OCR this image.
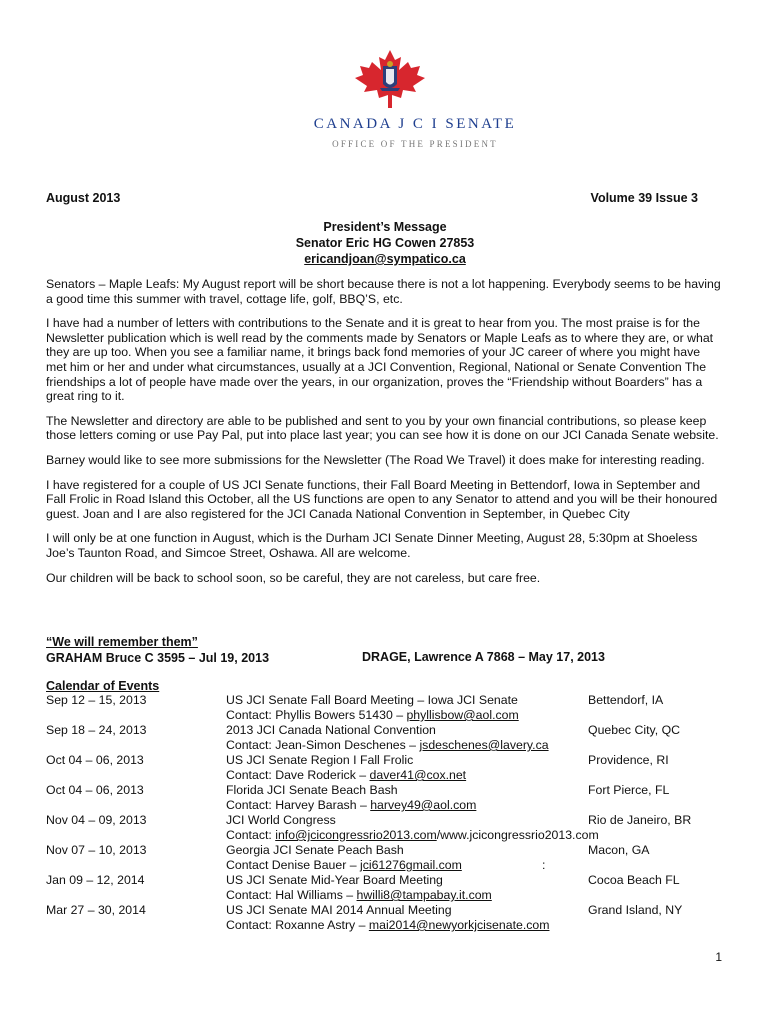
CANADA J C I SENATE
OFFICE OF THE PRESIDENT
August 2013	Volume 39 Issue 3
President’s Message
Senator Eric HG Cowen 27853
ericandjoan@sympatico.ca

Senators – Maple Leafs: My August report will be short because there is not a lot happening. Everybody seems to be having a good time this summer with travel, cottage life, golf, BBQ’S, etc.

I have had a number of letters with contributions to the Senate and it is great to hear from you. The most praise is for the Newsletter publication which is well read by the comments made by Senators or Maple Leafs as to where they are, or what they are up too. When you see a familiar name, it brings back fond memories of your JC career of where you might have met him or her and under what circumstances, usually at a JCI Convention, Regional, National or Senate Convention The friendships a lot of people have made over the years, in our organization, proves the “Friendship without Boarders” has a great ring to it.

The Newsletter and directory are able to be published and sent to you by your own financial contributions, so please keep those letters coming or use Pay Pal, put into place last year; you can see how it is done on our JCI Canada Senate website.

Barney would like to see more submissions for the Newsletter (The Road We Travel) it does make for interesting reading.

I have registered for a couple of US JCI Senate functions, their Fall Board Meeting in Bettendorf, Iowa in September and Fall Frolic in Road Island this October, all the US functions are open to any Senator to attend and you will be their honoured guest. Joan and I are also registered for the JCI Canada National Convention in September, in Quebec City

I will only be at one function in August, which is the Durham JCI Senate Dinner Meeting, August 28, 5:30pm at Shoeless Joe’s Taunton Road, and Simcoe Street, Oshawa. All are welcome.

Our children will be back to school soon, so be careful, they are not careless, but care free.

“We will remember them”
GRAHAM Bruce C 3595 – Jul 19, 2013	DRAGE, Lawrence A 7868 – May 17, 2013
Calendar of Events
Sep 12 – 15, 2013	US JCI Senate Fall Board Meeting – Iowa JCI Senate	Bettendorf, IA
Contact: Phyllis Bowers 51430 – phyllisbow@aol.com
Sep 18 – 24, 2013	2013 JCI Canada National Convention	Quebec City, QC
Contact: Jean-Simon Deschenes – jsdeschenes@lavery.ca
Oct 04 – 06, 2013	US JCI Senate Region I Fall Frolic	Providence, RI
Contact: Dave Roderick – daver41@cox.net
Oct 04 – 06, 2013	Florida JCI Senate Beach Bash	Fort Pierce, FL
Contact: Harvey Barash – harvey49@aol.com
Nov 04 – 09, 2013	JCI World Congress	Rio de Janeiro, BR
Contact: info@jcicongressrio2013.com/www.jcicongressrio2013.com
Nov 07 – 10, 2013	Georgia JCI Senate Peach Bash	Macon, GA
Contact Denise Bauer – jci61276gmail.com	:
Jan 09 – 12, 2014	US JCI Senate Mid-Year Board Meeting	Cocoa Beach FL
Contact: Hal Williams – hwilli8@tampabay.it.com
Mar 27 – 30, 2014	US JCI Senate MAI 2014 Annual Meeting	Grand Island, NY
Contact: Roxanne Astry – mai2014@newyorkjcisenate.com
1
